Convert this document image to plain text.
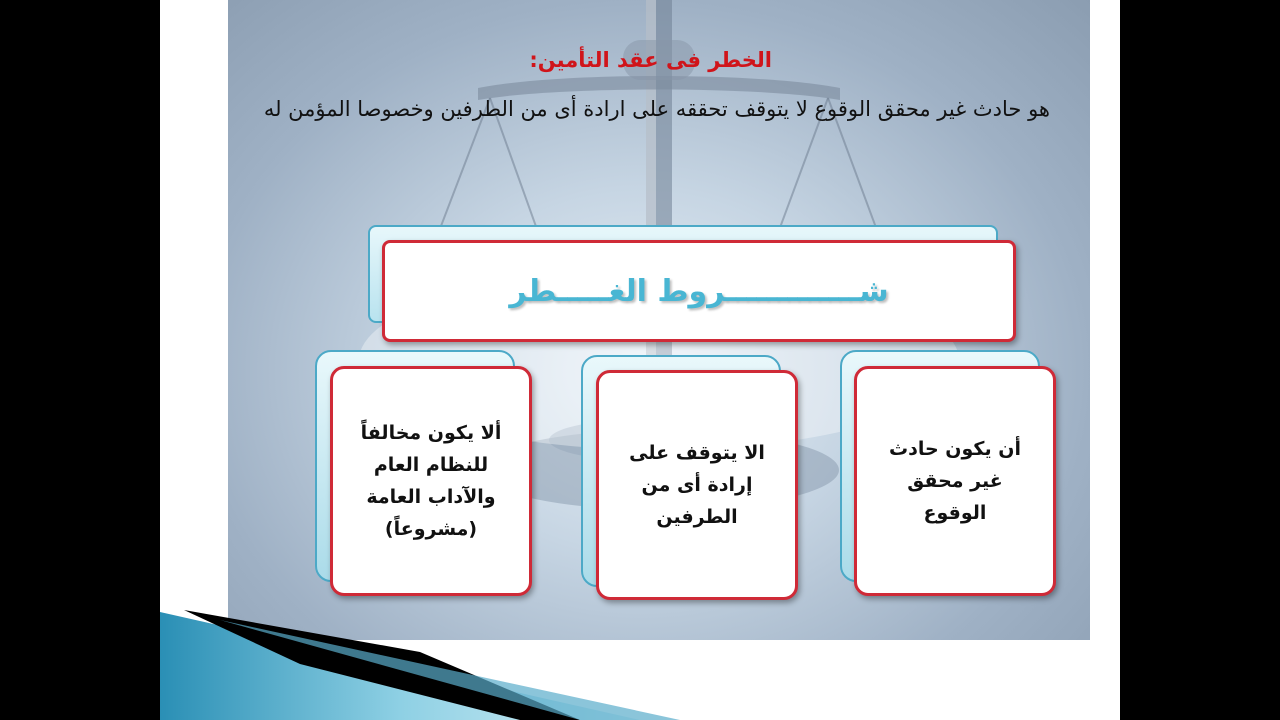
الخطر فى عقد التأمين:
هو حادث غير محقق الوقوع لا يتوقف تحققه على ارادة أى من الطرفين وخصوصا المؤمن له
شـــــــــــــروط الغـــــطر
أن يكون حادث
غير محقق
الوقوع
الا يتوقف على
إرادة أى من
الطرفين
ألا يكون مخالفاً
للنظام العام
والآداب العامة
(مشروعاً)
